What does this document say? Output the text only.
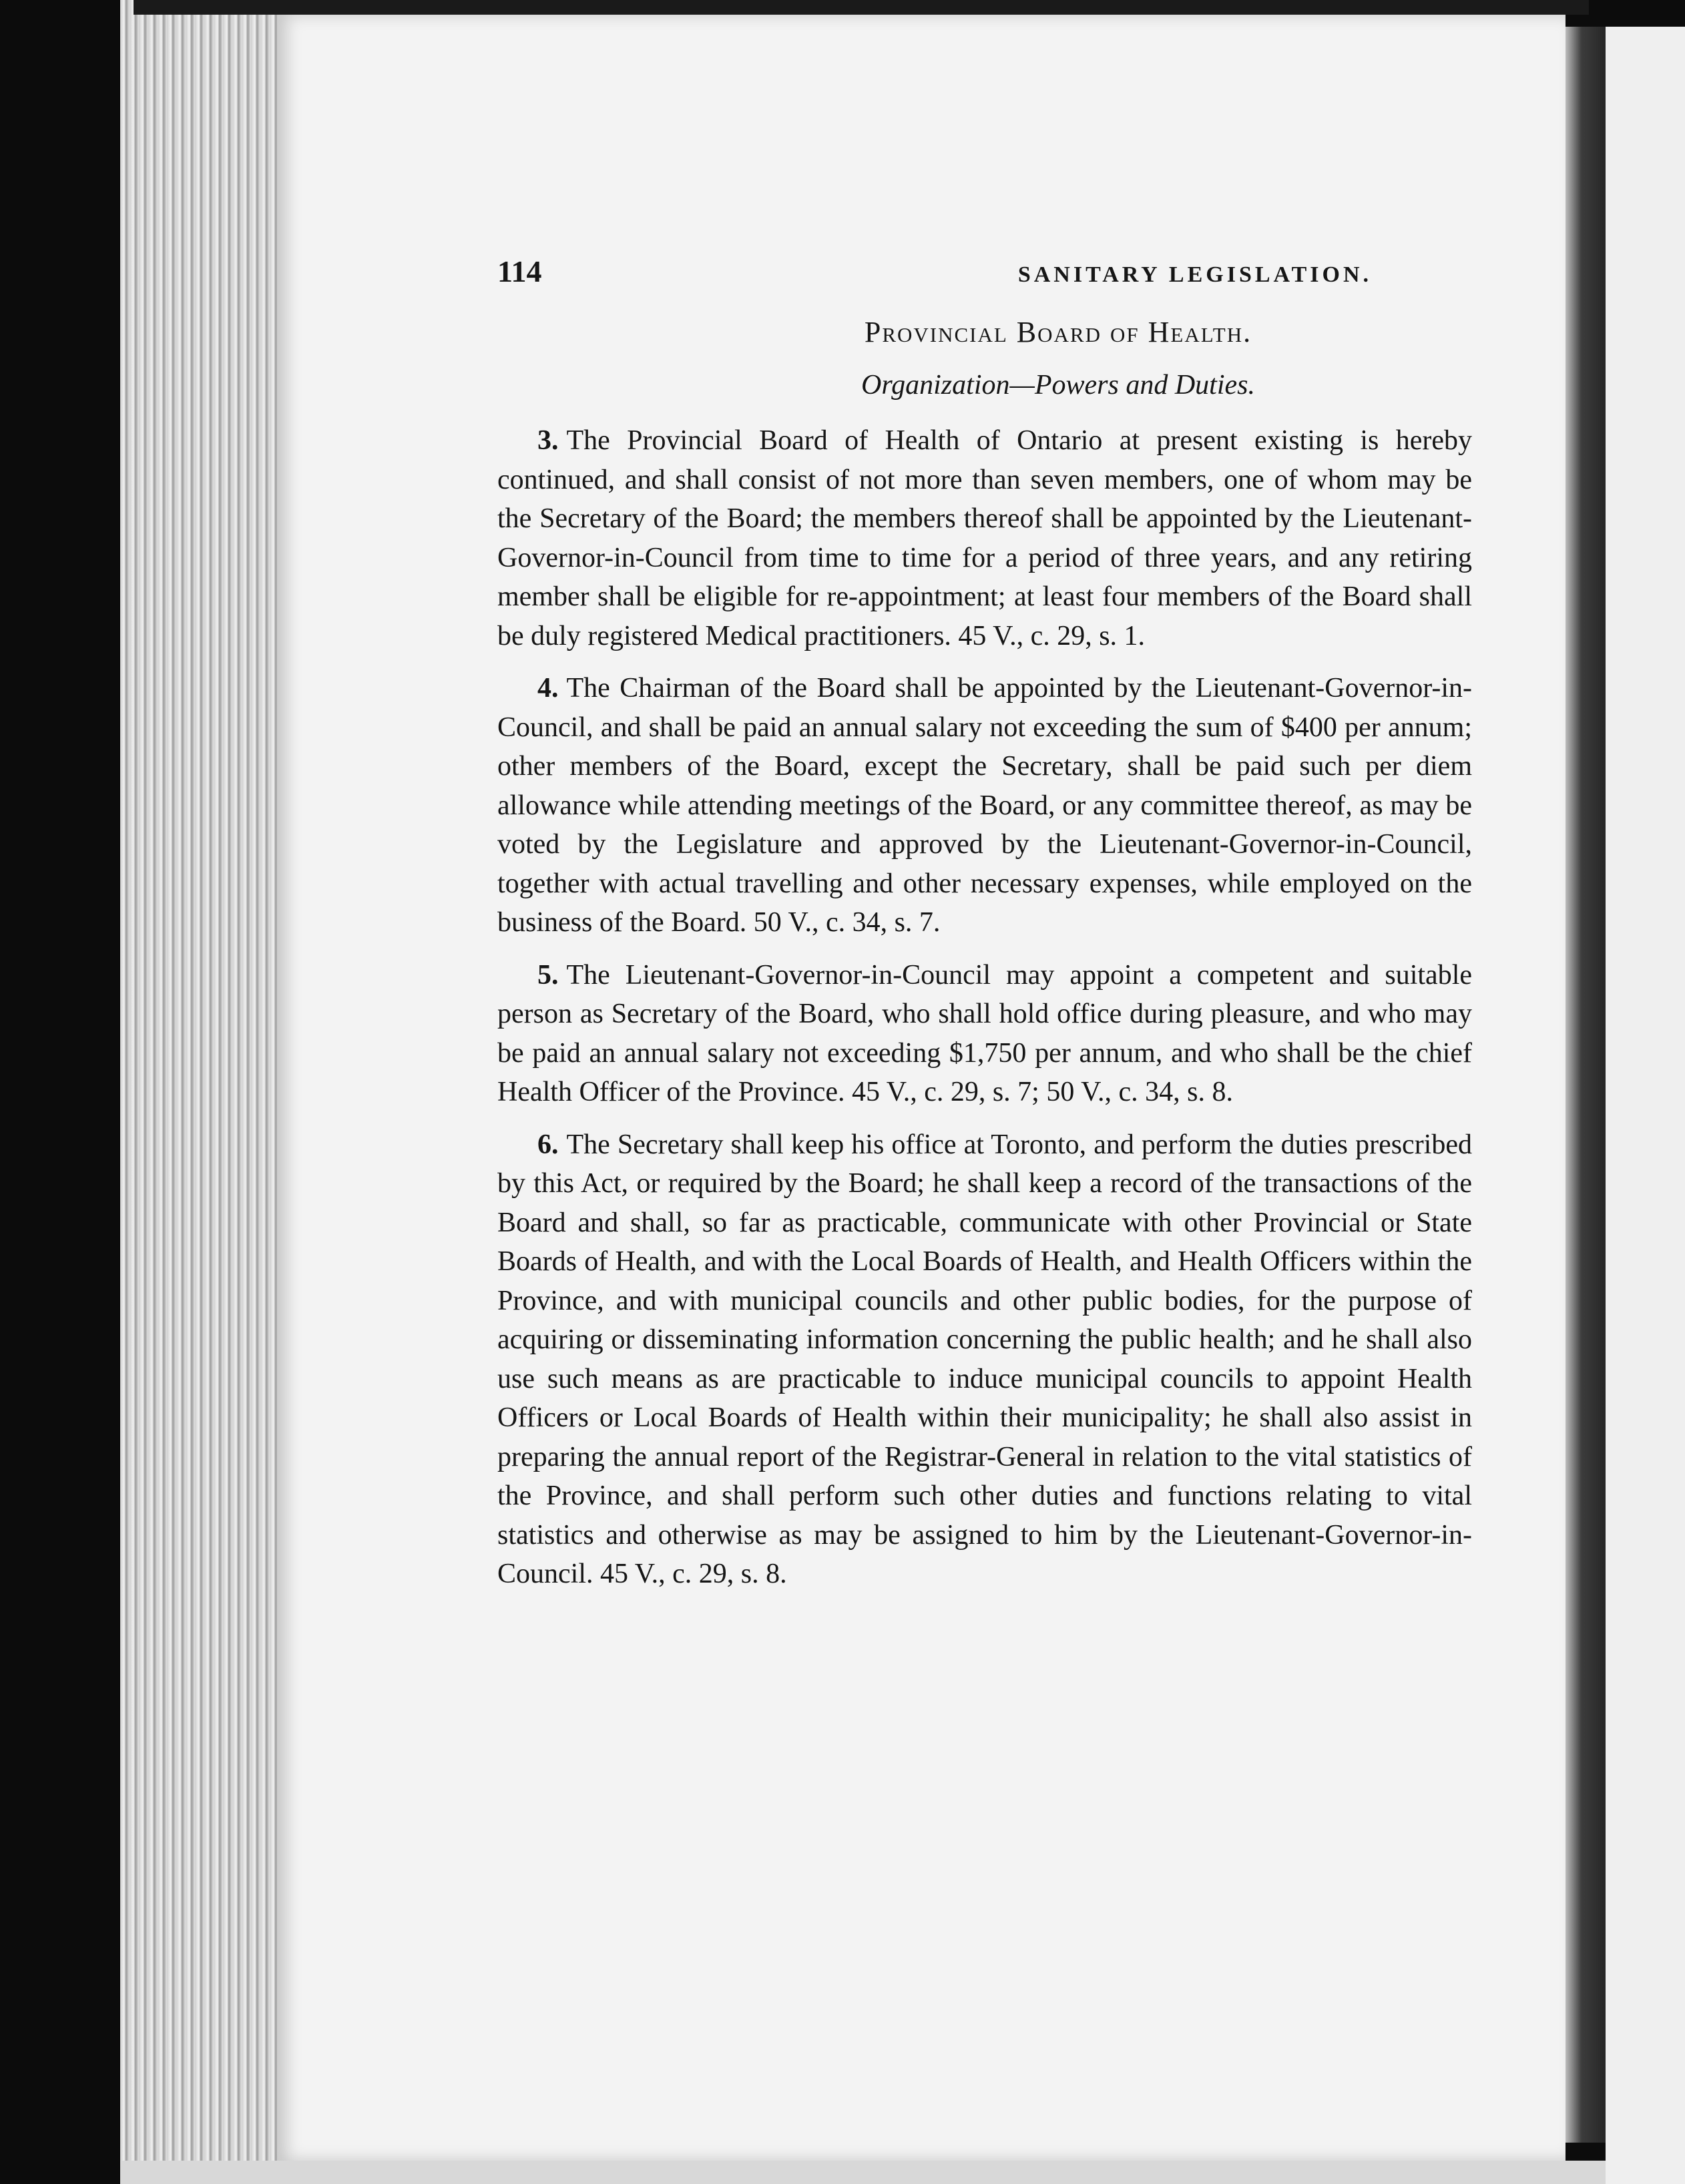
114	SANITARY LEGISLATION.
Provincial Board of Health.
Organization—Powers and Duties.

3. The Provincial Board of Health of Ontario at present existing is hereby continued, and shall consist of not more than seven members, one of whom may be the Secretary of the Board; the members thereof shall be appointed by the Lieutenant-Governor-in-Council from time to time for a period of three years, and any retiring member shall be eligible for re-appointment; at least four members of the Board shall be duly registered Medical practitioners. 45 V., c. 29, s. 1.

4. The Chairman of the Board shall be appointed by the Lieutenant-Governor-in-Council, and shall be paid an annual salary not exceeding the sum of $400 per annum; other members of the Board, except the Secretary, shall be paid such per diem allowance while attending meetings of the Board, or any committee thereof, as may be voted by the Legislature and approved by the Lieutenant-Governor-in-Council, together with actual travelling and other necessary expenses, while employed on the business of the Board. 50 V., c. 34, s. 7.

5. The Lieutenant-Governor-in-Council may appoint a competent and suitable person as Secretary of the Board, who shall hold office during pleasure, and who may be paid an annual salary not exceeding $1,750 per annum, and who shall be the chief Health Officer of the Province. 45 V., c. 29, s. 7; 50 V., c. 34, s. 8.

6. The Secretary shall keep his office at Toronto, and perform the duties prescribed by this Act, or required by the Board; he shall keep a record of the transactions of the Board and shall, so far as practicable, communicate with other Provincial or State Boards of Health, and with the Local Boards of Health, and Health Officers within the Province, and with municipal councils and other public bodies, for the purpose of acquiring or disseminating information concerning the public health; and he shall also use such means as are practicable to induce municipal councils to appoint Health Officers or Local Boards of Health within their municipality; he shall also assist in preparing the annual report of the Registrar-General in relation to the vital statistics of the Province, and shall perform such other duties and functions relating to vital statistics and otherwise as may be assigned to him by the Lieutenant-Governor-in-Council. 45 V., c. 29, s. 8.
